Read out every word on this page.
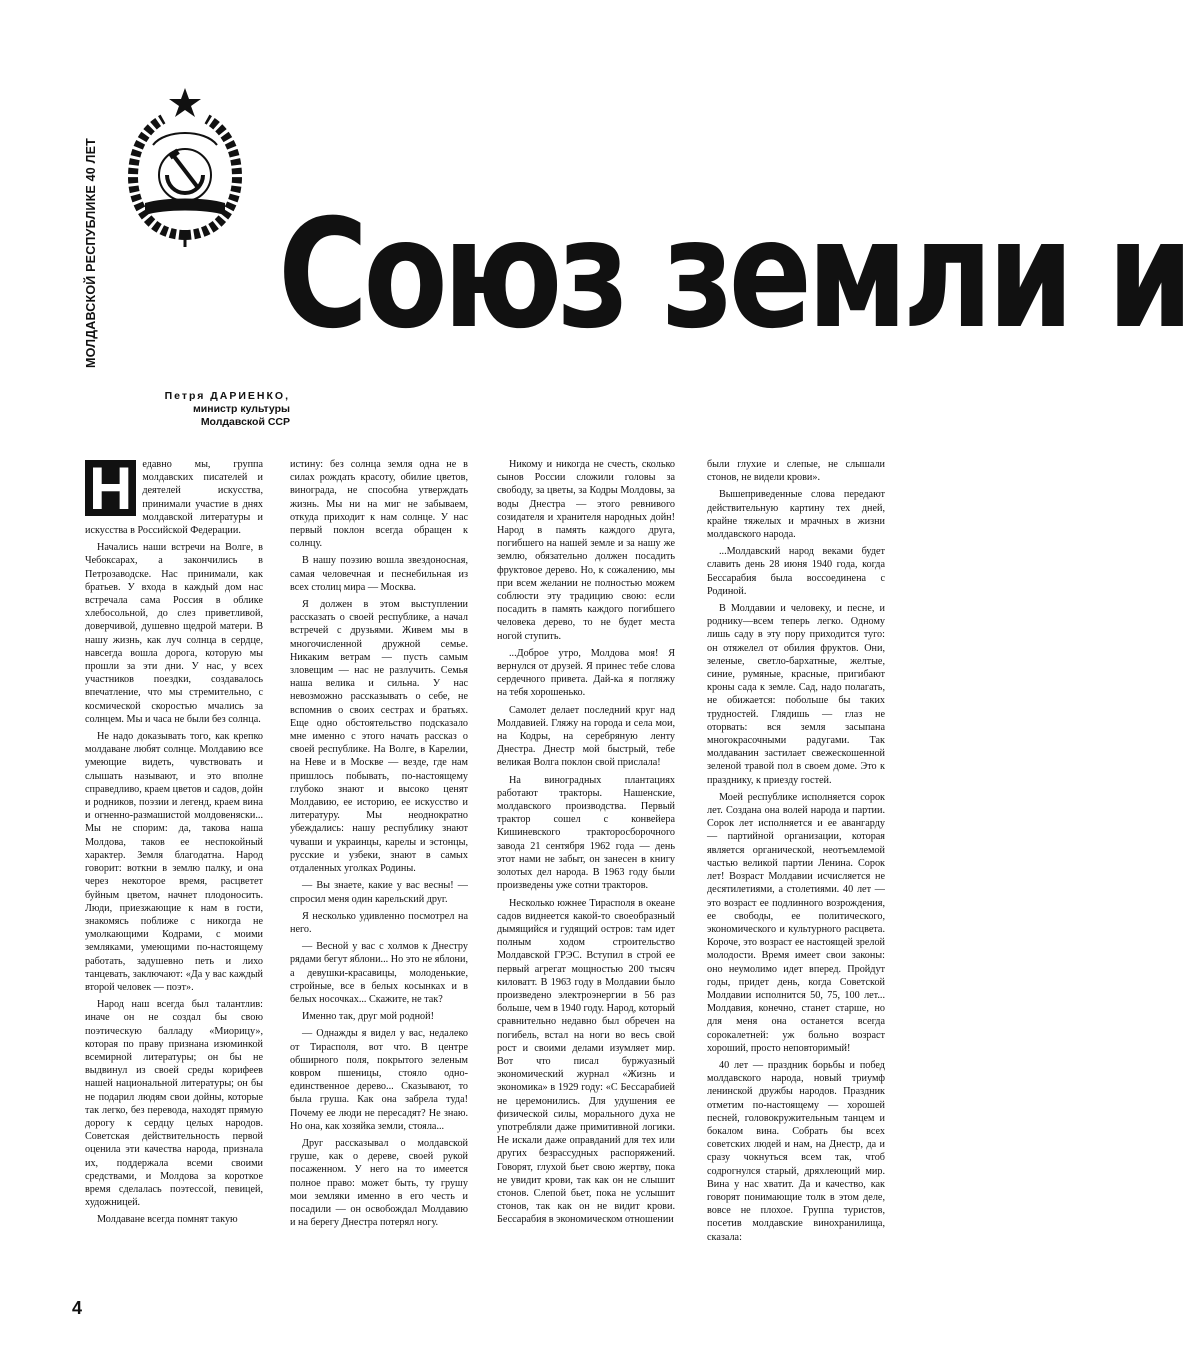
МОЛДАВСКОЙ РЕСПУБЛИКЕ 40 ЛЕТ Союз земли и
Петря ДАРИЕНКО,
министр культуры
Молдавской ССР
Н едавно мы, группа молдавских писателей и деятелей искусства, принимали участие в днях молдавской литературы и искусства в Российской Федерации.

Начались наши встречи на Волге, в Чебоксарах, а закончились в Петрозаводске. Нас принимали, как братьев. У входа в каждый дом нас встречала сама Россия в облике хлебосольной, до слез приветливой, доверчивой, душевно щедрой матери. В нашу жизнь, как луч солнца в сердце, навсегда вошла дорога, которую мы прошли за эти дни. У нас, у всех участников поездки, создавалось впечатление, что мы стремительно, с космической скоростью мчались за солнцем. Мы и часа не были без солнца.

Не надо доказывать того, как крепко молдаване любят солнце. Молдавию все умеющие видеть, чувствовать и слышать называют, и это вполне справедливо, краем цветов и садов, дойн и родников, поэзии и легенд, краем вина и огненно-размашистой молдовеняски... Мы не спорим: да, такова наша Молдова, таков ее неспокойный характер. Земля благодатна. Народ говорит: воткни в землю палку, и она через некоторое время, расцветет буйным цветом, начнет плодоносить. Люди, приезжающие к нам в гости, знакомясь поближе с никогда не умолкающими Кодрами, с моими земляками, умеющими по-настоящему работать, задушевно петь и лихо танцевать, заключают: «Да у вас каждый второй человек — поэт».

Народ наш всегда был талантлив: иначе он не создал бы свою поэтическую балладу «Миорицу», которая по праву признана изюминкой всемирной литературы; он бы не выдвинул из своей среды корифеев нашей национальной литературы; он бы не подарил людям свои дойны, которые так легко, без перевода, находят прямую дорогу к сердцу целых народов. Советская действительность первой оценила эти качества народа, признала их, поддержала всеми своими средствами, и Молдова за короткое время сделалась поэтессой, певицей, художницей.

Молдаване всегда помнят такую

истину: без солнца земля одна не в силах рождать красоту, обилие цветов, винограда, не способна утверждать жизнь. Мы ни на миг не забываем, откуда приходит к нам солнце. У нас первый поклон всегда обращен к солнцу.

В нашу поэзию вошла звездоносная, самая человечная и песнебильная из всех столиц мира — Москва.

Я должен в этом выступлении рассказать о своей республике, а начал встречей с друзьями. Живем мы в многочисленной дружной семье. Никаким ветрам — пусть самым зловещим — нас не разлучить. Семья наша велика и сильна. У нас невозможно рассказывать о себе, не вспомнив о своих сестрах и братьях. Еще одно обстоятельство подсказало мне именно с этого начать рассказ о своей республике. На Волге, в Карелии, на Неве и в Москве — везде, где нам пришлось побывать, по-настоящему глубоко знают и высоко ценят Молдавию, ее историю, ее искусство и литературу. Мы неоднократно убеждались: нашу республику знают чуваши и украинцы, карелы и эстонцы, русские и узбеки, знают в самых отдаленных уголках Родины.

— Вы знаете, какие у вас весны! — спросил меня один карельский друг.

Я несколько удивленно посмотрел на него.

— Весной у вас с холмов к Днестру рядами бегут яблони... Но это не яблони, а девушки-красавицы, молоденькие, стройные, все в белых косынках и в белых носочках... Скажите, не так?

Именно так, друг мой родной!

— Однажды я видел у вас, недалеко от Тирасполя, вот что. В центре обширного поля, покрытого зеленым ковром пшеницы, стояло одно-единственное дерево... Сказывают, то была груша. Как она забрела туда! Почему ее люди не пересадят? Не знаю. Но она, как хозяйка земли, стояла...

Друг рассказывал о молдавской груше, как о дереве, своей рукой посаженном. У него на то имеется полное право: может быть, ту грушу мои земляки именно в его честь и посадили — он освобождал Молдавию и на берегу Днестра потерял ногу.

Никому и никогда не счесть, сколько сынов России сложили головы за свободу, за цветы, за Кодры Молдовы, за воды Днестра — этого ревнивого созидателя и хранителя народных дойн! Народ в память каждого друга, погибшего на нашей земле и за нашу же землю, обязательно должен посадить фруктовое дерево. Но, к сожалению, мы при всем желании не полностью можем соблюсти эту традицию свою: если посадить в память каждого погибшего человека дерево, то не будет места ногой ступить.

...Доброе утро, Молдова моя! Я вернулся от друзей. Я принес тебе слова сердечного привета. Дай-ка я погляжу на тебя хорошенько.

Самолет делает последний круг над Молдавией. Гляжу на города и села мои, на Кодры, на серебряную ленту Днестра. Днестр мой быстрый, тебе великая Волга поклон свой прислала!

На виноградных плантациях работают тракторы. Нашенские, молдавского производства. Первый трактор сошел с конвейера Кишиневского тракторосборочного завода 21 сентября 1962 года — день этот нами не забыт, он занесен в книгу золотых дел народа. В 1963 году были произведены уже сотни тракторов.

Несколько южнее Тирасполя в океане садов виднеется какой-то своеобразный дымящийся и гудящий остров: там идет полным ходом строительство Молдавской ГРЭС. Вступил в строй ее первый агрегат мощностью 200 тысяч киловатт. В 1963 году в Молдавии было произведено электроэнергии в 56 раз больше, чем в 1940 году. Народ, который сравнительно недавно был обречен на погибель, встал на ноги во весь свой рост и своими делами изумляет мир. Вот что писал буржуазный экономический журнал «Жизнь и экономика» в 1929 году: «С Бессарабией не церемонились. Для удушения ее физической силы, морального духа не употребляли даже примитивной логики. Не искали даже оправданий для тех или других безрассудных распоряжений. Говорят, глухой бьет свою жертву, пока не увидит крови, так как он не слышит стонов. Слепой бьет, пока не услышит стонов, так как он не видит крови. Бессарабия в экономическом отношении

были глухие и слепые, не слышали стонов, не видели крови».

Вышеприведенные слова передают действительную картину тех дней, крайне тяжелых и мрачных в жизни молдавского народа.

...Молдавский народ веками будет славить день 28 июня 1940 года, когда Бессарабия была воссоединена с Родиной.

В Молдавии и человеку, и песне, и роднику—всем теперь легко. Одному лишь саду в эту пору приходится туго: он отяжелел от обилия фруктов. Они, зеленые, светло-бархатные, желтые, синие, румяные, красные, пригибают кроны сада к земле. Сад, надо полагать, не обижается: побольше бы таких трудностей. Глядишь — глаз не оторвать: вся земля засыпана многокрасочными радугами. Так молдаванин застилает свежескошенной зеленой травой пол в своем доме. Это к празднику, к приезду гостей.

Моей республике исполняется сорок лет. Создана она волей народа и партии. Сорок лет исполняется и ее авангарду — партийной организации, которая является органической, неотъемлемой частью великой партии Ленина. Сорок лет! Возраст Молдавии исчисляется не десятилетиями, а столетиями. 40 лет — это возраст ее подлинного возрождения, ее свободы, ее политического, экономического и культурного расцвета. Короче, это возраст ее настоящей зрелой молодости. Время имеет свои законы: оно неумолимо идет вперед. Пройдут годы, придет день, когда Советской Молдавии исполнится 50, 75, 100 лет... Молдавия, конечно, станет старше, но для меня она останется всегда сорокалетней: уж больно возраст хороший, просто неповторимый!

40 лет — праздник борьбы и побед молдавского народа, новый триумф ленинской дружбы народов. Праздник отметим по-настоящему — хорошей песней, головокружительным танцем и бокалом вина. Собрать бы всех советских людей и нам, на Днестр, да и сразу чокнуться всем так, чтоб содрогнулся старый, дряхлеющий мир. Вина у нас хватит. Да и качество, как говорят понимающие толк в этом деле, вовсе не плохое. Группа туристов, посетив молдавские винохранилища, сказала:

4
